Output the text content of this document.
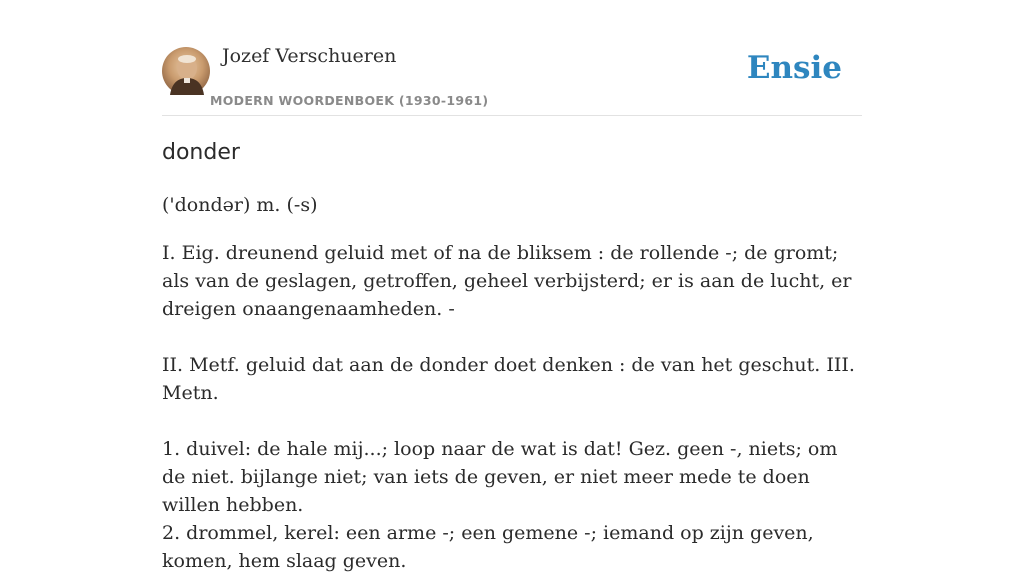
Jozef Verschueren
MODERN WOORDENBOEK (1930-1961)
Ensie
donder
('dondər) m. (-s)

I. Eig. dreunend geluid met of na de bliksem : de rollende -; de gromt; als van de geslagen, getroffen, geheel verbijsterd; er is aan de lucht, er dreigen onaangenaamheden. -

II. Metf. geluid dat aan de donder doet denken : de van het geschut. III. Metn.

1. duivel: de hale mij...; loop naar de wat is dat! Gez. geen -, niets; om de niet. bijlange niet; van iets de geven, er niet meer mede te doen willen hebben.

2. drommel, kerel: een arme -; een gemene -; iemand op zijn geven, komen, hem slaag geven.
